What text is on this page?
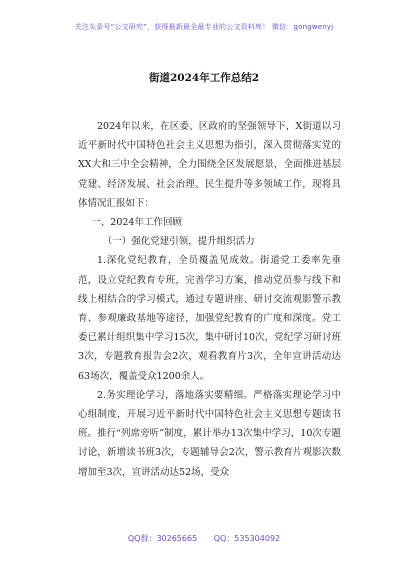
关注头条号“公文研究”，获得最新最全最专业的公文资料库！ 微信：gongwenyj
街道2024年工作总结2

2024年以来，在区委、区政府的坚强领导下，X街道以习近平新时代中国特色社会主义思想为指引，深入贯彻落实党的XX大和三中全会精神，全力围绕全区发展愿景，全面推进基层党建、经济发展、社会治理、民生提升等多领域工作，现将具体情况汇报如下：

一、2024年工作回顾

（一）强化党建引领，提升组织活力

1.深化党纪教育，全员覆盖见成效。街道党工委率先垂范，设立党纪教育专班，完善学习方案，推动党员参与线下和线上相结合的学习模式，通过专题讲座、研讨交流观影警示教育、参观廉政基地等途径，加强党纪教育的广度和深度。党工委已累计组织集中学习15次，集中研讨10次，党纪学习研讨班3次，专题教育报告会2次，观看教育片3次，全年宣讲活动达63场次，覆盖受众1200余人。

2.务实理论学习，落地落实要精细。严格落实理论学习中心组制度，开展习近平新时代中国特色社会主义思想专题读书班。推行“列席旁听”制度，累计举办13次集中学习，10次专题讨论，新增读书班3次，专题辅导会2次，警示教育片观影次数增加至3次，宣讲活动达52场，受众

QQ群：30265665 QQ：535304092
